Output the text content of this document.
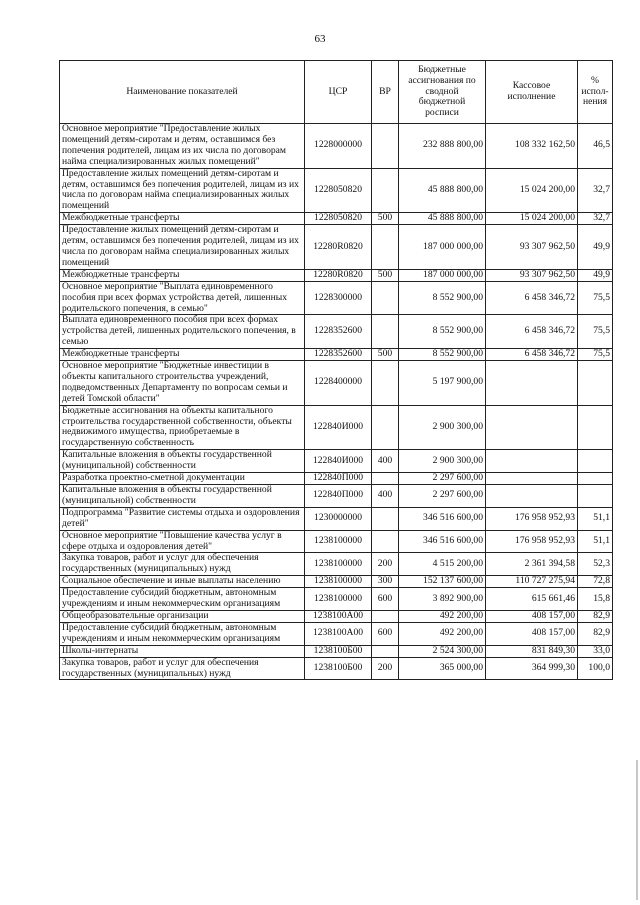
63
Наименование показателей	ЦСР	ВР	Бюджетные ассигнования по сводной бюджетной росписи	Кассовое исполнение	% испол-нения
Основное мероприятие "Предоставление жилых помещений детям-сиротам и детям, оставшимся без попечения родителей, лицам из их числа по договорам найма специализированных жилых помещений"	1228000000		232 888 800,00	108 332 162,50	46,5
Предоставление жилых помещений детям-сиротам и детям, оставшимся без попечения родителей, лицам из их числа по договорам найма специализированных жилых помещений	1228050820		45 888 800,00	15 024 200,00	32,7
Межбюджетные трансферты	1228050820	500	45 888 800,00	15 024 200,00	32,7
Предоставление жилых помещений детям-сиротам и детям, оставшимся без попечения родителей, лицам из их числа по договорам найма специализированных жилых помещений	12280R0820		187 000 000,00	93 307 962,50	49,9
Межбюджетные трансферты	12280R0820	500	187 000 000,00	93 307 962,50	49,9
Основное мероприятие "Выплата единовременного пособия при всех формах устройства детей, лишенных родительского попечения, в семью"	1228300000		8 552 900,00	6 458 346,72	75,5
Выплата единовременного пособия при всех формах устройства детей, лишенных родительского попечения, в семью	1228352600		8 552 900,00	6 458 346,72	75,5
Межбюджетные трансферты	1228352600	500	8 552 900,00	6 458 346,72	75,5
Основное мероприятие "Бюджетные инвестиции в объекты капитального строительства учреждений, подведомственных Департаменту по вопросам семьи и детей Томской области"	1228400000		5 197 900,00		
Бюджетные ассигнования на объекты капитального строительства государственной собственности, объекты недвижимого имущества, приобретаемые в государственную собственность	122840И000		2 900 300,00		
Капитальные вложения в объекты государственной (муниципальной) собственности	122840И000	400	2 900 300,00		
Разработка проектно-сметной документации	122840П000		2 297 600,00		
Капитальные вложения в объекты государственной (муниципальной) собственности	122840П000	400	2 297 600,00		
Подпрограмма "Развитие системы отдыха и оздоровления детей"	1230000000		346 516 600,00	176 958 952,93	51,1
Основное мероприятие "Повышение качества услуг в сфере отдыха и оздоровления детей"	1238100000		346 516 600,00	176 958 952,93	51,1
Закупка товаров, работ и услуг для обеспечения государственных (муниципальных) нужд	1238100000	200	4 515 200,00	2 361 394,58	52,3
Социальное обеспечение и иные выплаты населению	1238100000	300	152 137 600,00	110 727 275,94	72,8
Предоставление субсидий бюджетным, автономным учреждениям и иным некоммерческим организациям	1238100000	600	3 892 900,00	615 661,46	15,8
Общеобразовательные организации	1238100А00		492 200,00	408 157,00	82,9
Предоставление субсидий бюджетным, автономным учреждениям и иным некоммерческим организациям	1238100А00	600	492 200,00	408 157,00	82,9
Школы-интернаты	1238100Б00		2 524 300,00	831 849,30	33,0
Закупка товаров, работ и услуг для обеспечения государственных (муниципальных) нужд	1238100Б00	200	365 000,00	364 999,30	100,0
